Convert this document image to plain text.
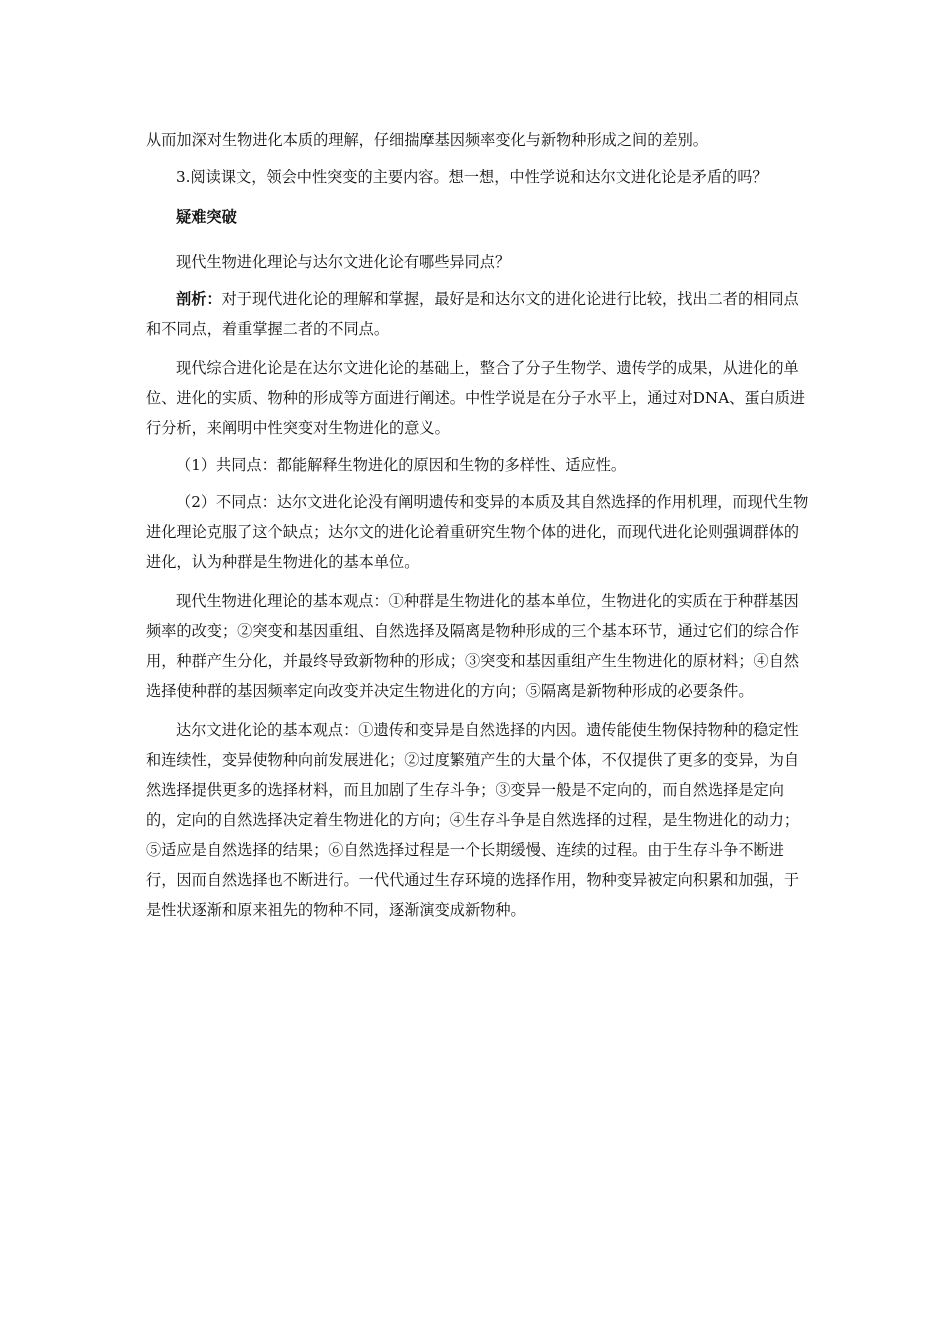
从而加深对生物进化本质的理解，仔细揣摩基因频率变化与新物种形成之间的差别。

3.阅读课文，领会中性突变的主要内容。想一想，中性学说和达尔文进化论是矛盾的吗？

疑难突破

现代生物进化理论与达尔文进化论有哪些异同点？

剖析：对于现代进化论的理解和掌握，最好是和达尔文的进化论进行比较，找出二者的相同点和不同点，着重掌握二者的不同点。

现代综合进化论是在达尔文进化论的基础上，整合了分子生物学、遗传学的成果，从进化的单位、进化的实质、物种的形成等方面进行阐述。中性学说是在分子水平上，通过对DNA、蛋白质进行分析，来阐明中性突变对生物进化的意义。

（1）共同点：都能解释生物进化的原因和生物的多样性、适应性。

（2）不同点：达尔文进化论没有阐明遗传和变异的本质及其自然选择的作用机理，而现代生物进化理论克服了这个缺点；达尔文的进化论着重研究生物个体的进化，而现代进化论则强调群体的进化，认为种群是生物进化的基本单位。

现代生物进化理论的基本观点：①种群是生物进化的基本单位，生物进化的实质在于种群基因频率的改变；②突变和基因重组、自然选择及隔离是物种形成的三个基本环节，通过它们的综合作用，种群产生分化，并最终导致新物种的形成；③突变和基因重组产生生物进化的原材料；④自然选择使种群的基因频率定向改变并决定生物进化的方向；⑤隔离是新物种形成的必要条件。

达尔文进化论的基本观点：①遗传和变异是自然选择的内因。遗传能使生物保持物种的稳定性和连续性，变异使物种向前发展进化；②过度繁殖产生的大量个体，不仅提供了更多的变异，为自然选择提供更多的选择材料，而且加剧了生存斗争；③变异一般是不定向的，而自然选择是定向的，定向的自然选择决定着生物进化的方向；④生存斗争是自然选择的过程，是生物进化的动力；⑤适应是自然选择的结果；⑥自然选择过程是一个长期缓慢、连续的过程。由于生存斗争不断进行，因而自然选择也不断进行。一代代通过生存环境的选择作用，物种变异被定向积累和加强，于是性状逐渐和原来祖先的物种不同，逐渐演变成新物种。
